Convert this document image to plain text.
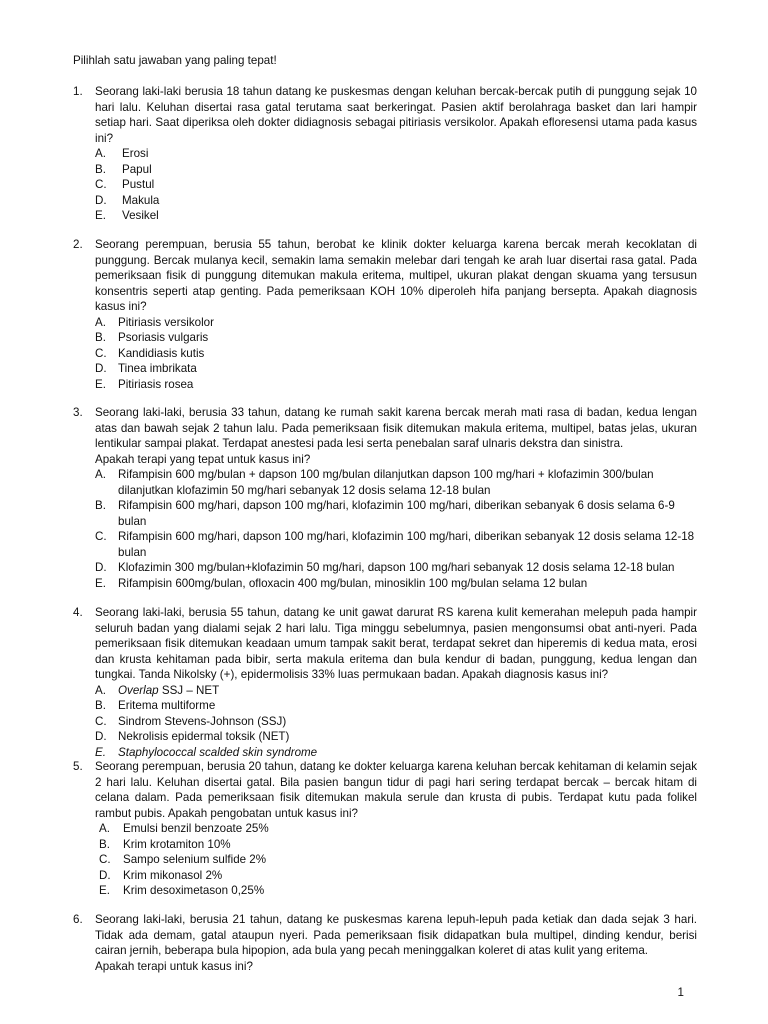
Pilihlah satu jawaban yang paling tepat!
1.	Seorang laki-laki berusia 18 tahun datang ke puskesmas dengan keluhan bercak-bercak putih di punggung sejak 10 hari lalu. Keluhan disertai rasa gatal terutama saat berkeringat. Pasien aktif berolahraga basket dan lari hampir setiap hari. Saat diperiksa oleh dokter didiagnosis sebagai pitiriasis versikolor. Apakah efloresensi utama pada kasus ini?
A.	Erosi
B.	Papul
C.	Pustul
D.	Makula
E.	Vesikel
2.	Seorang perempuan, berusia 55 tahun, berobat ke klinik dokter keluarga karena bercak merah kecoklatan di punggung. Bercak mulanya kecil, semakin lama semakin melebar dari tengah ke arah luar disertai rasa gatal. Pada pemeriksaan fisik di punggung ditemukan makula eritema, multipel, ukuran plakat dengan skuama yang tersusun konsentris seperti atap genting. Pada pemeriksaan KOH 10% diperoleh hifa panjang bersepta. Apakah diagnosis kasus ini?
A.	Pitiriasis versikolor
B.	Psoriasis vulgaris
C. Kandidiasis kutis
D. Tinea imbrikata
E.	Pitiriasis rosea
3.	Seorang laki-laki, berusia 33 tahun, datang ke rumah sakit karena bercak merah mati rasa di badan, kedua lengan atas dan bawah sejak 2 tahun lalu. Pada pemeriksaan fisik ditemukan makula eritema, multipel, batas jelas, ukuran lentikular sampai plakat. Terdapat anestesi pada lesi serta penebalan saraf ulnaris dekstra dan sinistra.
Apakah terapi yang tepat untuk kasus ini?
A.	Rifampisin 600 mg/bulan + dapson 100 mg/bulan dilanjutkan dapson 100 mg/hari + klofazimin 300/bulan dilanjutkan klofazimin 50 mg/hari sebanyak 12 dosis selama 12-18 bulan
B.	Rifampisin 600 mg/hari, dapson 100 mg/hari, klofazimin 100 mg/hari, diberikan sebanyak 6 dosis selama 6-9 bulan
C. Rifampisin 600 mg/hari, dapson 100 mg/hari, klofazimin 100 mg/hari, diberikan sebanyak 12 dosis selama 12-18 bulan
D. Klofazimin 300 mg/bulan+klofazimin 50 mg/hari, dapson 100 mg/hari sebanyak 12 dosis selama 12-18 bulan
E.	Rifampisin 600mg/bulan, ofloxacin 400 mg/bulan, minosiklin 100 mg/bulan selama 12 bulan
4.	Seorang laki-laki, berusia 55 tahun, datang ke unit gawat darurat RS karena kulit kemerahan melepuh pada hampir seluruh badan yang dialami sejak 2 hari lalu. Tiga minggu sebelumnya, pasien mengonsumsi obat anti-nyeri. Pada pemeriksaan fisik ditemukan keadaan umum tampak sakit berat, terdapat sekret dan hiperemis di kedua mata, erosi dan krusta kehitaman pada bibir, serta makula eritema dan bula kendur di badan, punggung, kedua lengan dan tungkai. Tanda Nikolsky (+), epidermolisis 33% luas permukaan badan. Apakah diagnosis kasus ini?
A.	Overlap SSJ – NET
B.	Eritema multiforme
C. Sindrom Stevens-Johnson (SSJ)
D. Nekrolisis epidermal toksik (NET)
E.	Staphylococcal scalded skin syndrome
5.	Seorang perempuan, berusia 20 tahun, datang ke dokter keluarga karena keluhan bercak kehitaman di kelamin sejak 2 hari lalu. Keluhan disertai gatal. Bila pasien bangun tidur di pagi hari sering terdapat bercak – bercak hitam di celana dalam. Pada pemeriksaan fisik ditemukan makula serule dan krusta di pubis. Terdapat kutu pada folikel rambut pubis. Apakah pengobatan untuk kasus ini?
A.	Emulsi benzil benzoate 25%
B.	Krim krotamiton 10%
C.	Sampo selenium sulfide 2%
D.	Krim mikonasol 2%
E.	Krim desoximetason 0,25%
6.	Seorang laki-laki, berusia 21 tahun, datang ke puskesmas karena lepuh-lepuh pada ketiak dan dada sejak 3 hari. Tidak ada demam, gatal ataupun nyeri. Pada pemeriksaan fisik didapatkan bula multipel, dinding kendur, berisi cairan jernih, beberapa bula hipopion, ada bula yang pecah meninggalkan koleret di atas kulit yang eritema.
Apakah terapi untuk kasus ini?
1
